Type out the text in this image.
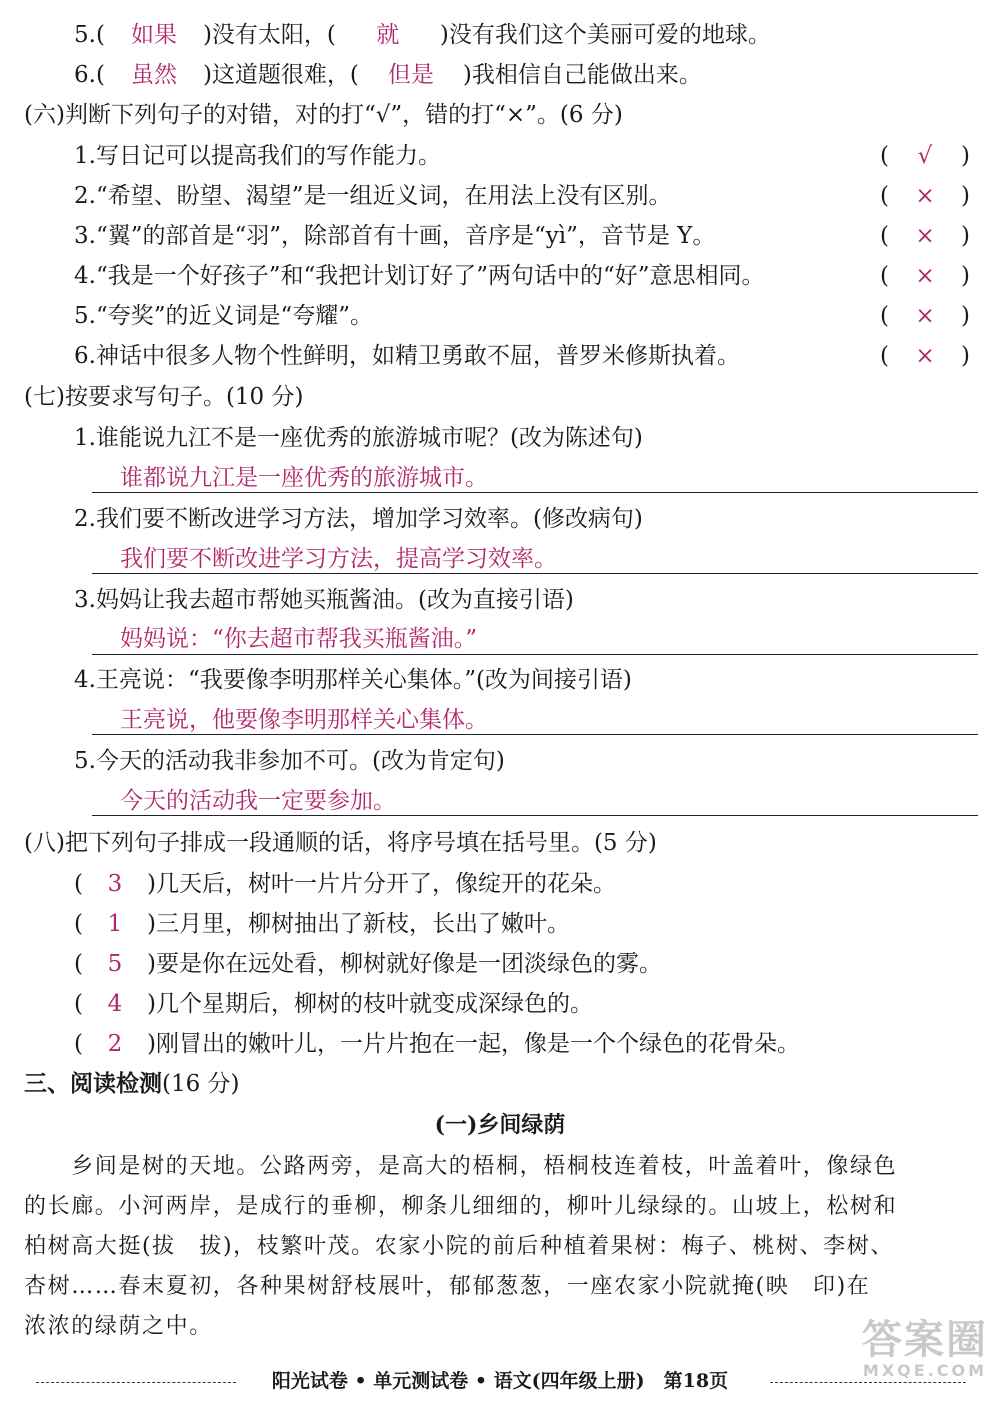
5.( 如果 )没有太阳，( 就 )没有我们这个美丽可爱的地球。
6.( 虽然 )这道题很难，( 但是 )我相信自己能做出来。
(六)判断下列句子的对错，对的打“√”，错的打“×”。(6 分)
1.写日记可以提高我们的写作能力。	( √ )
2.“希望、盼望、渴望”是一组近义词，在用法上没有区别。	( × )
3.“翼”的部首是“羽”，除部首有十画，音序是“yì”，音节是 Y。	( × )
4.“我是一个好孩子”和“我把计划订好了”两句话中的“好”意思相同。	( × )
5.“夸奖”的近义词是“夸耀”。	( × )
6.神话中很多人物个性鲜明，如精卫勇敢不屈，普罗米修斯执着。	( × )
(七)按要求写句子。(10 分)
1.谁能说九江不是一座优秀的旅游城市呢？(改为陈述句)
谁都说九江是一座优秀的旅游城市。
2.我们要不断改进学习方法，增加学习效率。(修改病句)
我们要不断改进学习方法，提高学习效率。
3.妈妈让我去超市帮她买瓶酱油。(改为直接引语)
妈妈说：“你去超市帮我买瓶酱油。”
4.王亮说：“我要像李明那样关心集体。”(改为间接引语)
王亮说，他要像李明那样关心集体。
5.今天的活动我非参加不可。(改为肯定句)
今天的活动我一定要参加。
(八)把下列句子排成一段通顺的话，将序号填在括号里。(5 分)
( 3 )几天后，树叶一片片分开了，像绽开的花朵。
( 1 )三月里，柳树抽出了新枝，长出了嫩叶。
( 5 )要是你在远处看，柳树就好像是一团淡绿色的雾。
( 4 )几个星期后，柳树的枝叶就变成深绿色的。
( 2 )刚冒出的嫩叶儿，一片片抱在一起，像是一个个绿色的花骨朵。
三、阅读检测(16 分)
(一)乡间绿荫
　　乡间是树的天地。公路两旁，是高大的梧桐，梧桐枝连着枝，叶盖着叶，像绿色
的长廊。小河两岸，是成行的垂柳，柳条儿细细的，柳叶儿绿绿的。山坡上，松树和
柏树高大挺(拔　拔)，枝繁叶茂。农家小院的前后种植着果树：梅子、桃树、李树、
杏树……春末夏初，各种果树舒枝展叶，郁郁葱葱，一座农家小院就掩(映　印)在
浓浓的绿荫之中。
阳光试卷 • 单元测试卷 • 语文(四年级上册)　第18页
答案圈
MXQE.COM
